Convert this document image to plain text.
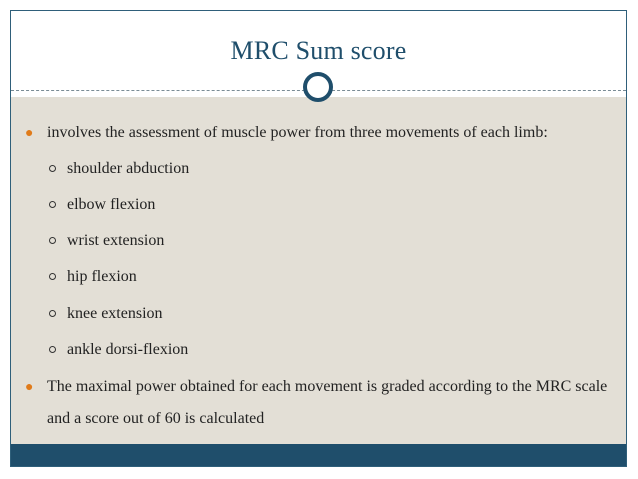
MRC Sum score
involves the assessment of muscle power from three movements of each limb:
shoulder abduction
elbow flexion
wrist extension
hip flexion
knee extension
ankle dorsi-flexion
The maximal power obtained for each movement is graded according to the MRC scale and a score out of 60 is calculated
